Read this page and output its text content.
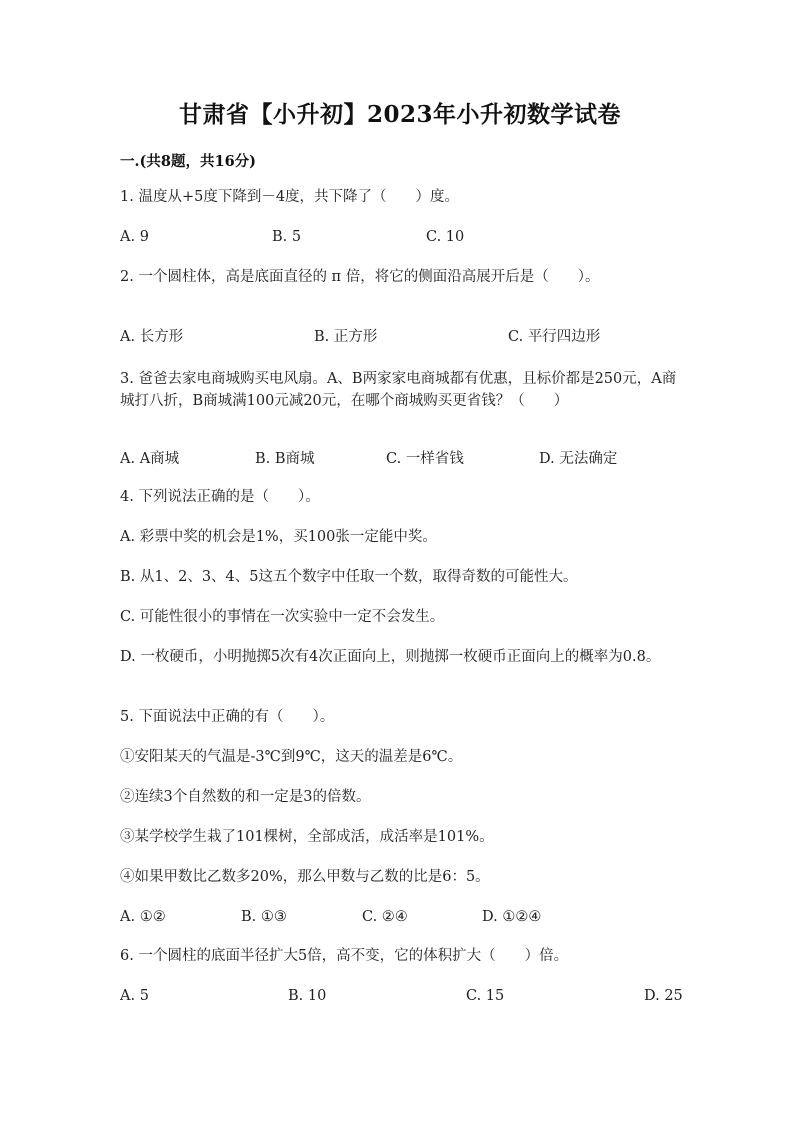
甘肃省【小升初】2023年小升初数学试卷
一.(共8题，共16分)
1. 温度从+5度下降到－4度，共下降了（　　）度。
A. 9	B. 5	C. 10
2. 一个圆柱体，高是底面直径的 π 倍，将它的侧面沿高展开后是（　　）。
A. 长方形	B. 正方形	C. 平行四边形
3. 爸爸去家电商城购买电风扇。A、B两家家电商城都有优惠，且标价都是250元，A商城打八折，B商城满100元减20元，在哪个商城购买更省钱？（　　）
A. A商城	B. B商城	C. 一样省钱	D. 无法确定
4. 下列说法正确的是（　　）。
A. 彩票中奖的机会是1%，买100张一定能中奖。
B. 从1、2、3、4、5这五个数字中任取一个数，取得奇数的可能性大。
C. 可能性很小的事情在一次实验中一定不会发生。
D. 一枚硬币，小明抛掷5次有4次正面向上，则抛掷一枚硬币正面向上的概率为0.8。
5. 下面说法中正确的有（　　）。
①安阳某天的气温是-3℃到9℃，这天的温差是6℃。
②连续3个自然数的和一定是3的倍数。
③某学校学生栽了101棵树，全部成活，成活率是101%。
④如果甲数比乙数多20%，那么甲数与乙数的比是6：5。
A. ①②	B. ①③	C. ②④	D. ①②④
6. 一个圆柱的底面半径扩大5倍，高不变，它的体积扩大（　　）倍。
A. 5	B. 10	C. 15	D. 25
